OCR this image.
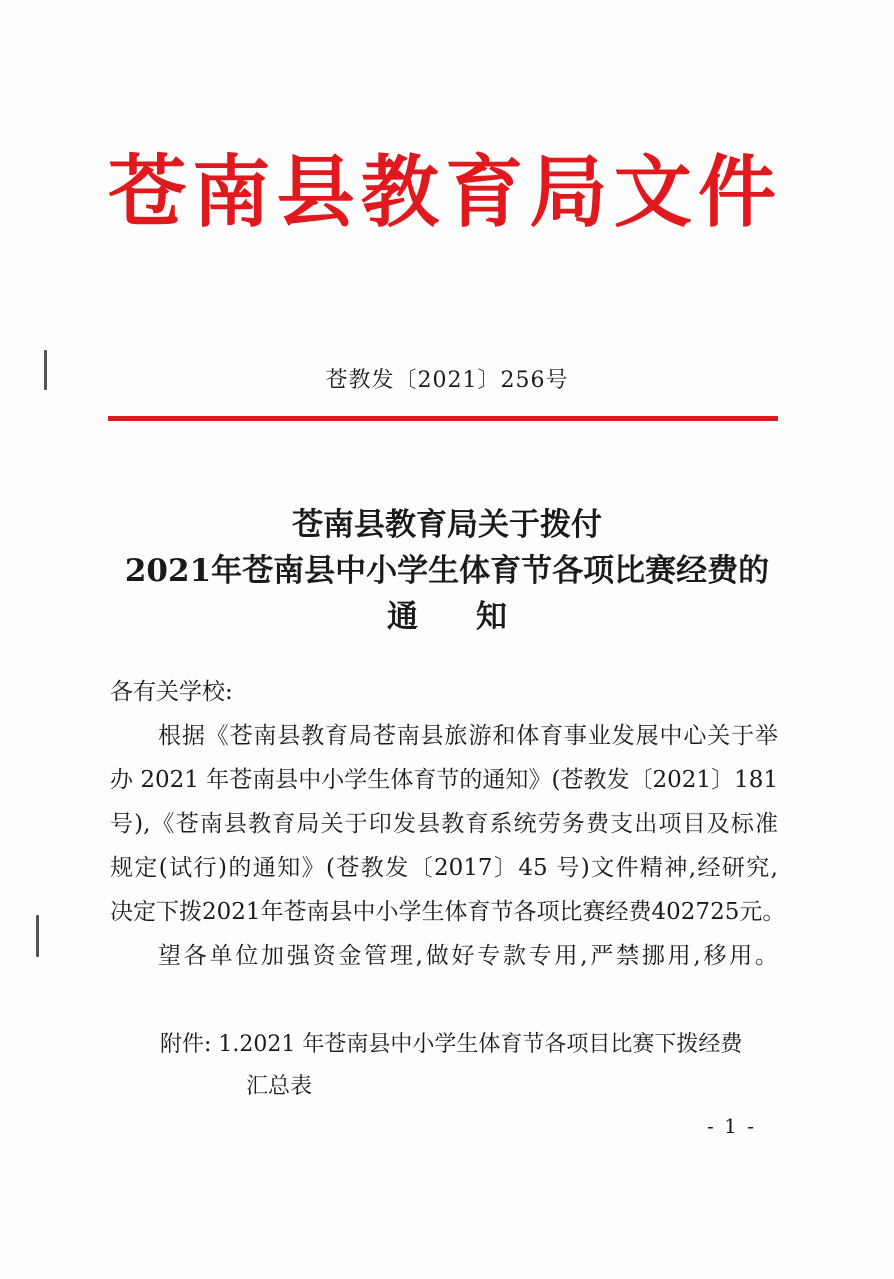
苍南县教育局文件
苍教发〔2021〕256号
苍南县教育局关于拨付
2021年苍南县中小学生体育节各项比赛经费的
通知
各有关学校:
根据《苍南县教育局苍南县旅游和体育事业发展中心关于举
办 2021 年苍南县中小学生体育节的通知》(苍教发〔2021〕181
号),《苍南县教育局关于印发县教育系统劳务费支出项目及标准
规定(试行)的通知》(苍教发〔2017〕45 号)文件精神,经研究,
决定下拨2021年苍南县中小学生体育节各项比赛经费402725元。
望各单位加强资金管理,做好专款专用,严禁挪用,移用。
附件: 1.2021 年苍南县中小学生体育节各项目比赛下拨经费
汇总表
- 1 -
